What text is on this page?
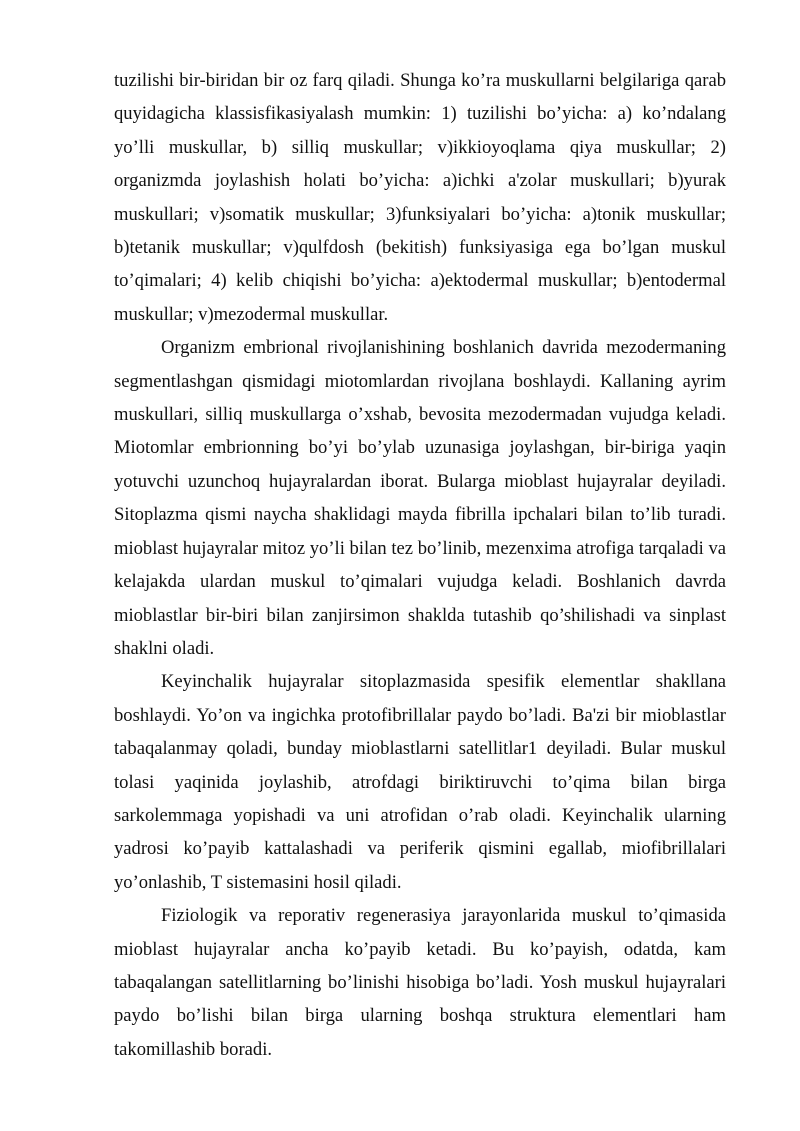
tuzilishi bir-biridan bir oz farq qiladi. Shunga ko’ra muskullarni belgilariga qarab quyidagicha klassisfikasiyalash mumkin: 1) tuzilishi bo’yicha: a) ko’ndalang yo’lli muskullar, b) silliq muskullar; v)ikkioyoqlama qiya muskullar; 2) organizmda joylashish holati bo’yicha: a)ichki a'zolar muskullari; b)yurak muskullari; v)somatik muskullar; 3)funksiyalari bo’yicha: a)tonik muskullar; b)tetanik muskullar; v)qulfdosh (bekitish) funksiyasiga ega bo’lgan muskul to’qimalari; 4) kelib chiqishi bo’yicha: a)ektodermal muskullar; b)entodermal muskullar; v)mezodermal muskullar.

Organizm embrional rivojlanishining boshlanich davrida mezodermaning segmentlashgan qismidagi miotomlardan rivojlana boshlaydi. Kallaning ayrim muskullari, silliq muskullarga o’xshab, bevosita mezodermadan vujudga keladi. Miotomlar embrionning bo’yi bo’ylab uzunasiga joylashgan, bir-biriga yaqin yotuvchi uzunchoq hujayralardan iborat. Bularga mioblast hujayralar deyiladi. Sitoplazma qismi naycha shaklidagi mayda fibrilla ipchalari bilan to’lib turadi. mioblast hujayralar mitoz yo’li bilan tez bo’linib, mezenxima atrofiga tarqaladi va kelajakda ulardan muskul to’qimalari vujudga keladi. Boshlanich davrda mioblastlar bir-biri bilan zanjirsimon shaklda tutashib qo’shilishadi va sinplast shaklni oladi.

Keyinchalik hujayralar sitoplazmasida spesifik elementlar shakllana boshlaydi. Yo’on va ingichka protofibrillalar paydo bo’ladi. Ba'zi bir mioblastlar tabaqalanmay qoladi, bunday mioblastlarni satellitlar1 deyiladi. Bular muskul tolasi yaqinida joylashib, atrofdagi biriktiruvchi to’qima bilan birga sarkolemmaga yopishadi va uni atrofidan o’rab oladi. Keyinchalik ularning yadrosi ko’payib kattalashadi va periferik qismini egallab, miofibrillalari yo’onlashib, T sistemasini hosil qiladi.

Fiziologik va reporativ regenerasiya jarayonlarida muskul to’qimasida mioblast hujayralar ancha ko’payib ketadi. Bu ko’payish, odatda, kam tabaqalangan satellitlarning bo’linishi hisobiga bo’ladi. Yosh muskul hujayralari paydo bo’lishi bilan birga ularning boshqa struktura elementlari ham takomillashib boradi.
